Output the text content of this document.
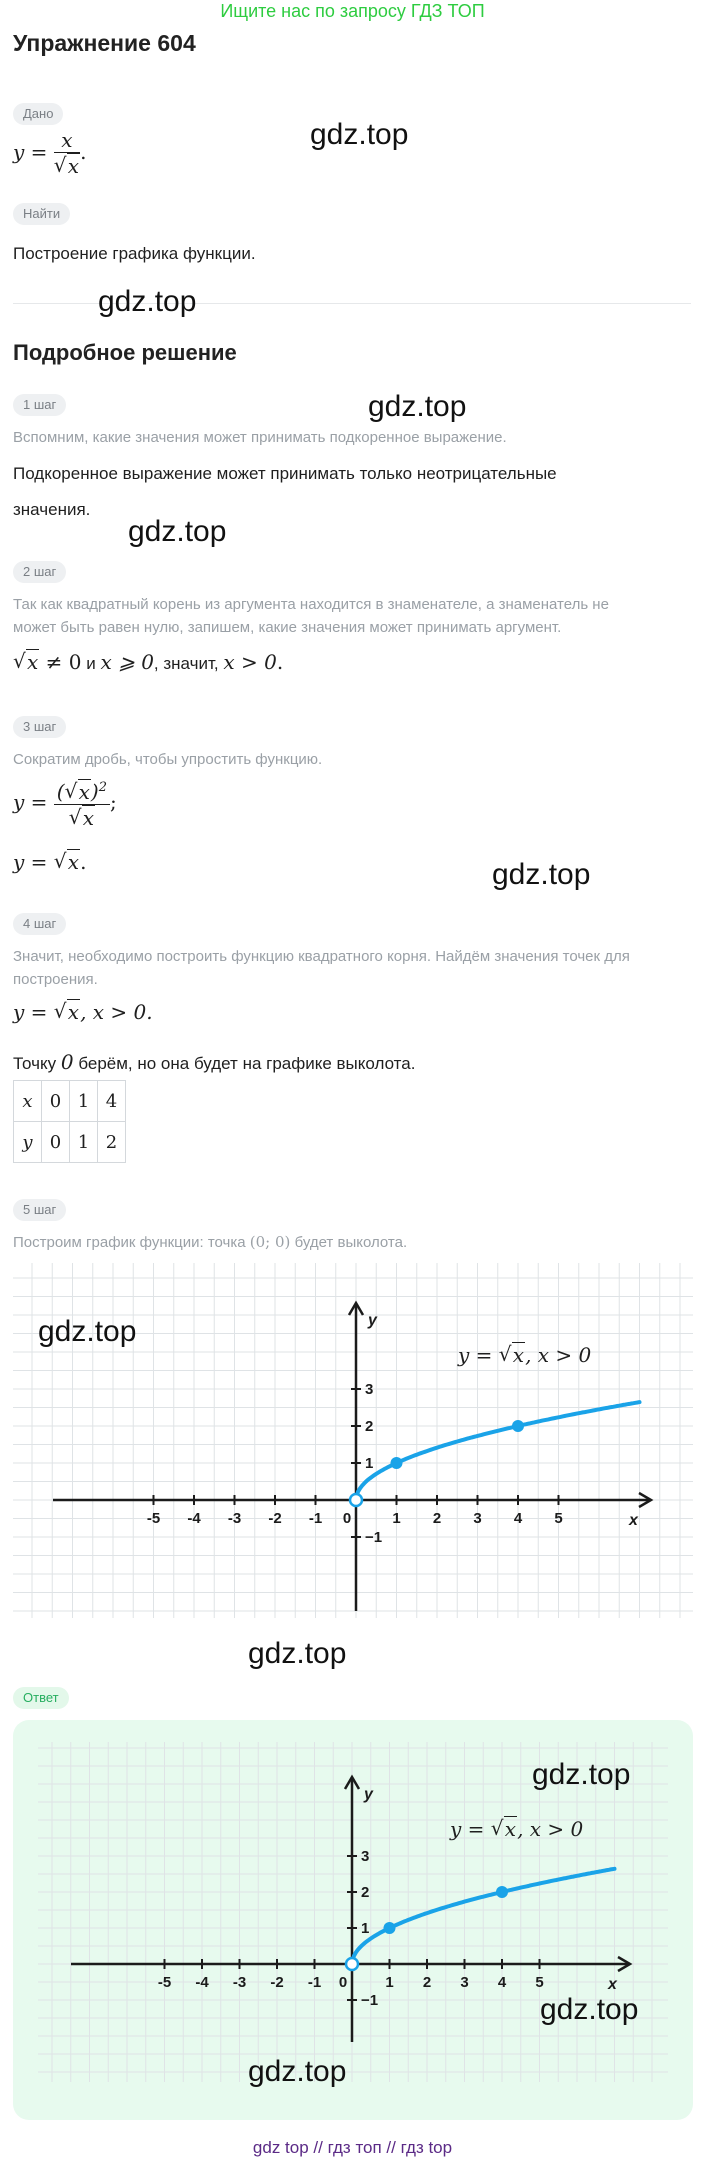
Ищите нас по запросу ГДЗ ТОП
Упражнение 604
Дано
y = x
√ x .
gdz.top
Найти
Построение графика функции.
gdz.top
Подробное решение
1 шаг	gdz.top
Вспомним, какие значения может принимать подкоренное выражение.
Подкоренное выражение может принимать только неотрицательные
значения.
gdz.top
2 шаг
Так как квадратный корень из аргумента находится в знаменателе, а знаменатель не
может быть равен нулю, запишем, какие значения может принимать аргумент.
√ x ≠ 0 и x ⩾ 0, значит, x > 0.
3 шаг
Сократим дробь, чтобы упростить функцию.
y = ( √ x)$^2$
√ x ;
y = √ x.	gdz.top
4 шаг
Значит, необходимо построить функцию квадратного корня. Найдём значения точек для
построения.
y = √ x, x > 0.
Точку 0 берём, но она будет на графике выколота.
x	0	1	4
y	0	1	2
5 шаг
Построим график функции: точка (0; 0) будет выколота.
-5 -4 -3 -2 -1 0	1 2 3 4 5
3
2
1
−1
x
y
gdz.top
y = √ x, x > 0
gdz.top
Ответ
-5 -4 -3 -2 -1 0	1 2 3 4 5
3
2
1
−1
x
y
y = √ x, x > 0
gdz.top
gdz.top
gdz.top
gdz top // гдз топ // гдз top
